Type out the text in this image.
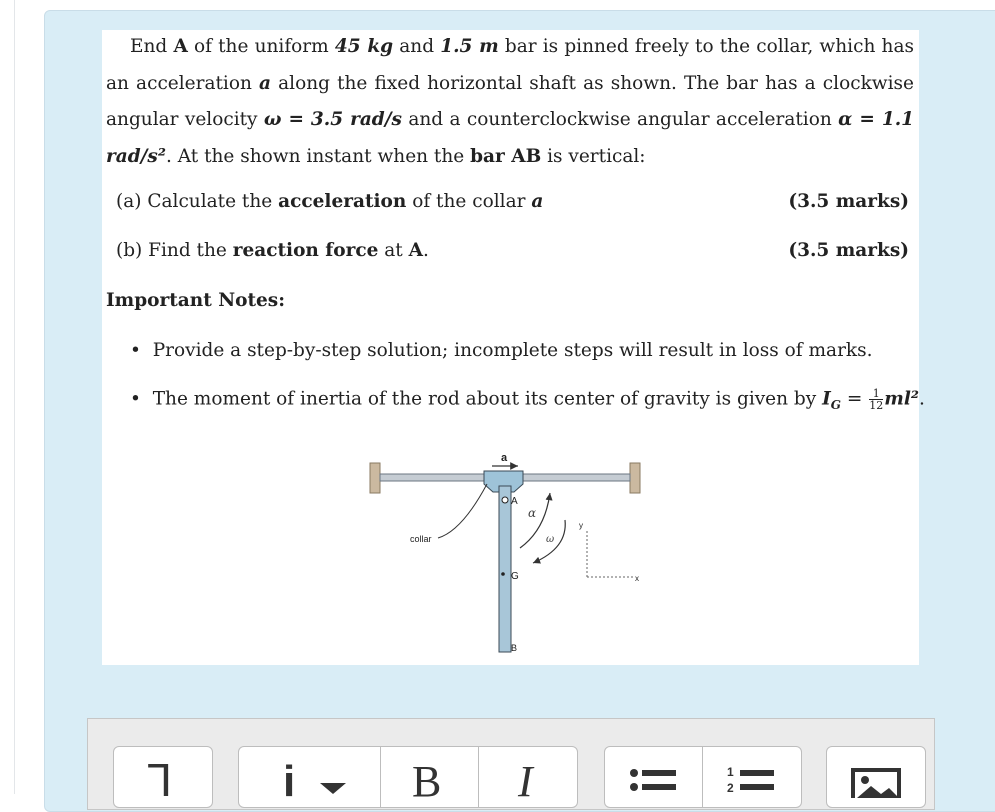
End A of the uniform 45 kg and 1.5 m bar is pinned freely to the collar, which has an acceleration a along the fixed horizontal shaft as shown. The bar has a clockwise angular velocity ω = 3.5 rad/s and a counterclockwise angular acceleration α = 1.1 rad/s². At the shown instant when the bar AB is vertical:
(a) Calculate the acceleration of the collar a	(3.5 marks)
(b) Find the reaction force at A.	(3.5 marks)
Important Notes:
• Provide a step-by-step solution; incomplete steps will result in loss of marks.
• The moment of inertia of the rod about its center of gravity is given by $I_G = \frac{1}{12} ml^2$.
a
A
G
B
collar
α
ω
y
x
⅂	i	B I	1
2
